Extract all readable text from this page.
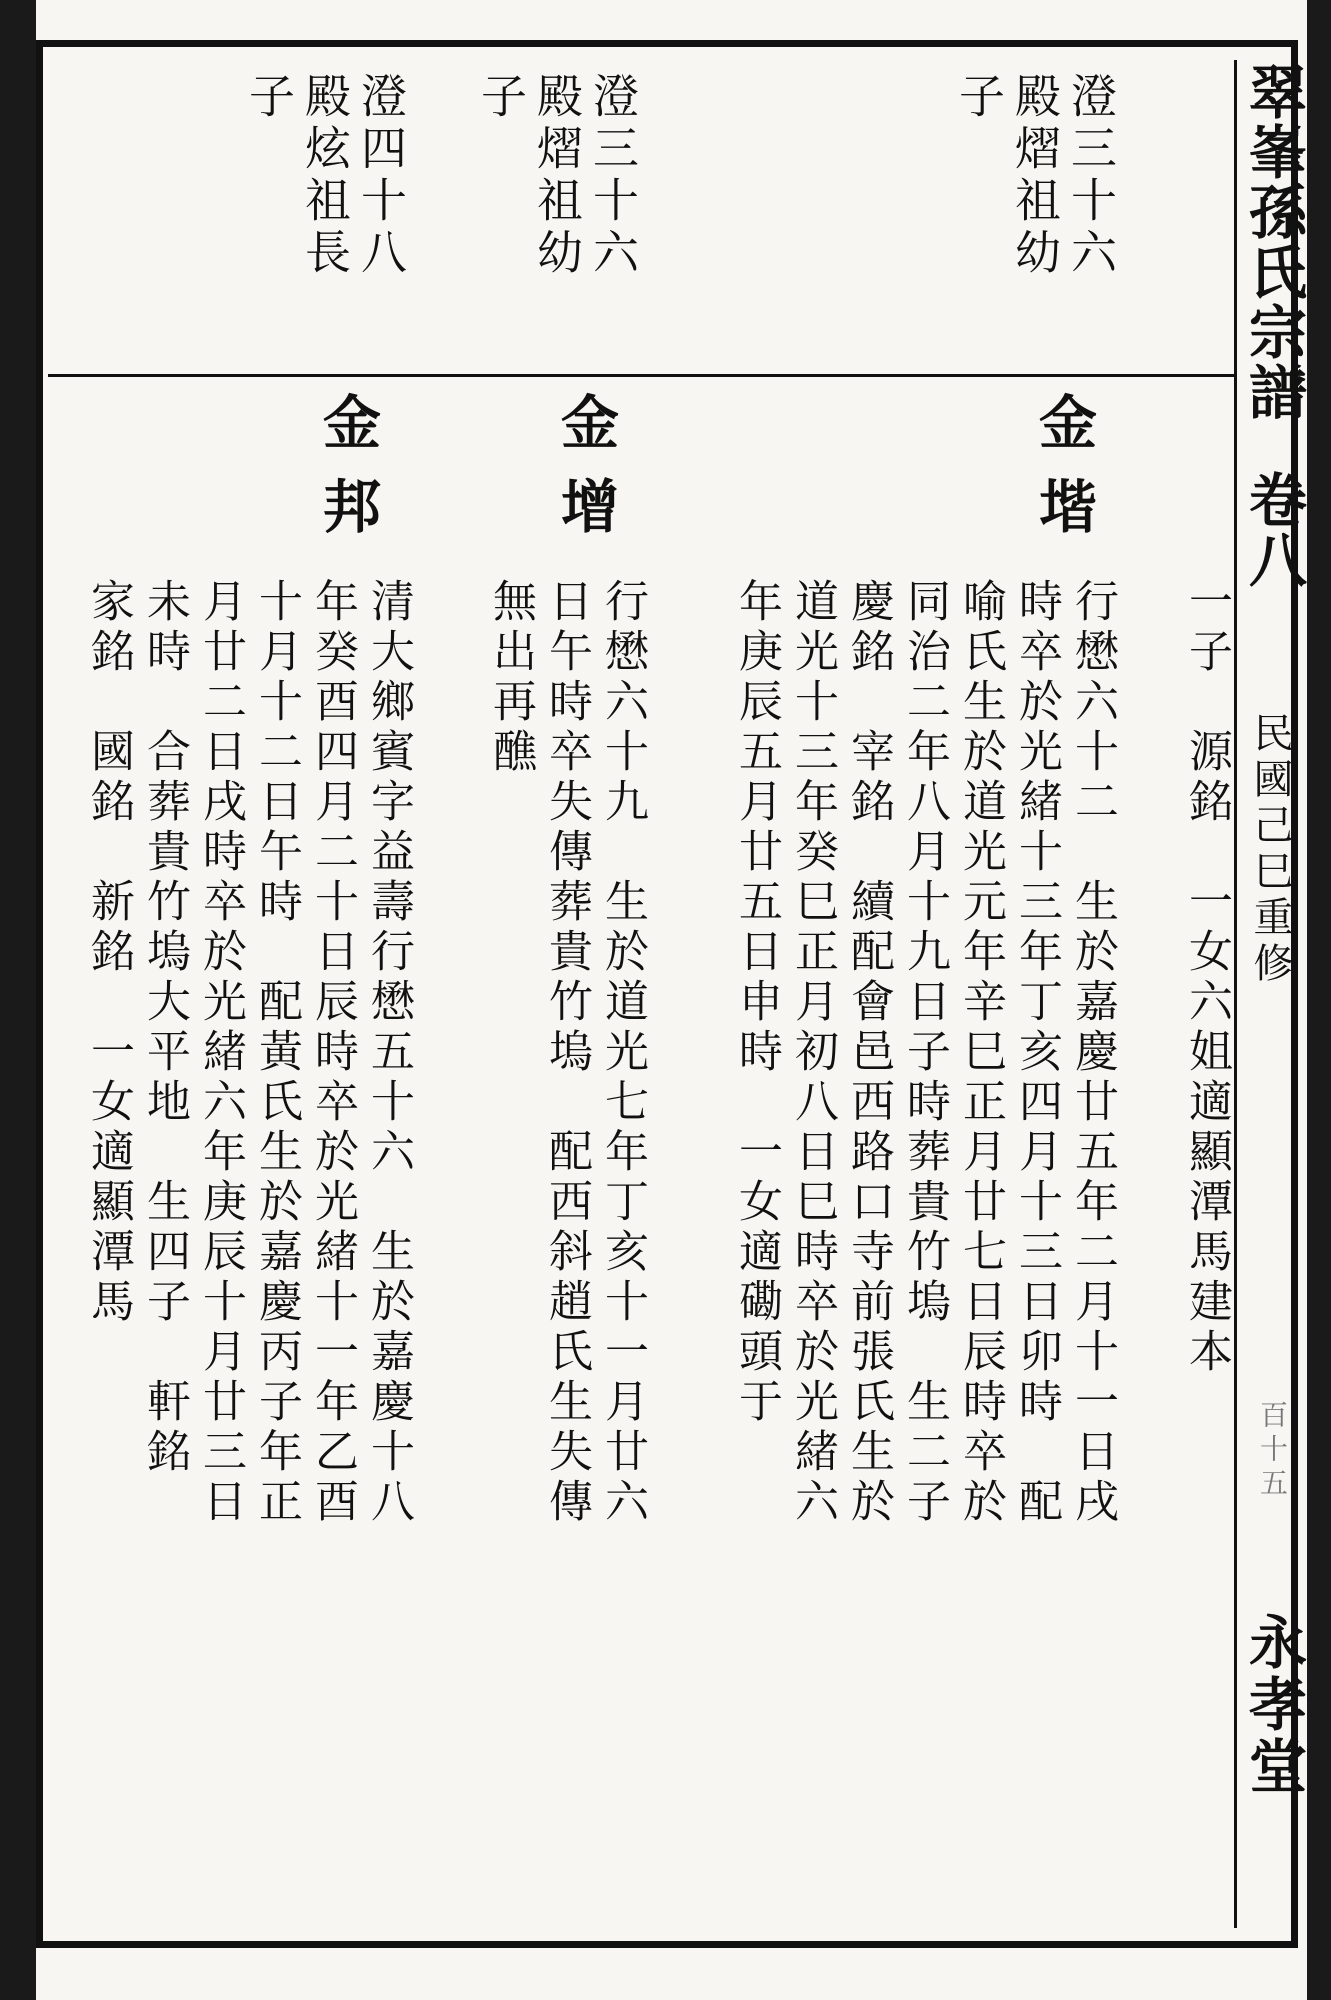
翠峯孫氏宗譜
卷八
民國己巳重修
百十五
永孝堂
澄三十六
殿熠祖幼
子
澄三十六
殿熠祖幼
子
澄四十八
殿炫祖長
子
金堦
一子　源銘　一女六姐適顯潭馬建本
行懋六十二　生於嘉慶廿五年二月十一日戌
時卒於光緒十三年丁亥四月十三日卯時　配
喻氏生於道光元年辛巳正月廿七日辰時卒於
同治二年八月十九日子時葬貴竹塢　生二子
慶銘　宰銘　續配會邑西路口寺前張氏生於
道光十三年癸巳正月初八日巳時卒於光緒六
年庚辰五月廿五日申時　一女適磡頭于
金增
行懋六十九　生於道光七年丁亥十一月廿六
日午時卒失傳葬貴竹塢　配西斜趙氏生失傳
無出再醮
金邦
清大鄉賓字益壽行懋五十六　生於嘉慶十八
年癸酉四月二十日辰時卒於光緒十一年乙酉
十月十二日午時　配黃氏生於嘉慶丙子年正
月廿二日戌時卒於光緒六年庚辰十月廿三日
未時　合葬貴竹塢大平地　生四子　軒銘
家銘　國銘　新銘　一女適顯潭馬
